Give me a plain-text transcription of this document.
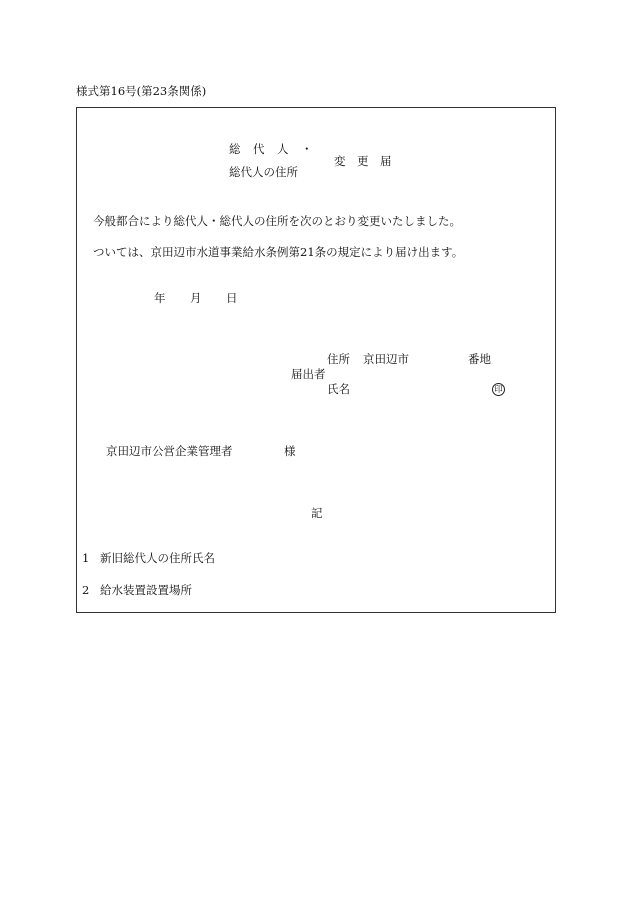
様式第16号(第23条関係)
総　代　人　・
総代人の住所
変　更　届
今般都合により総代人・総代人の住所を次のとおり変更いたしました。
ついては、京田辺市水道事業給水条例第21条の規定により届け出ます。
年 月 日
住所 京田辺市	番地
届出者
氏名	印
京田辺市公営企業管理者	様
記
1 新旧総代人の住所氏名
2 給水装置設置場所
